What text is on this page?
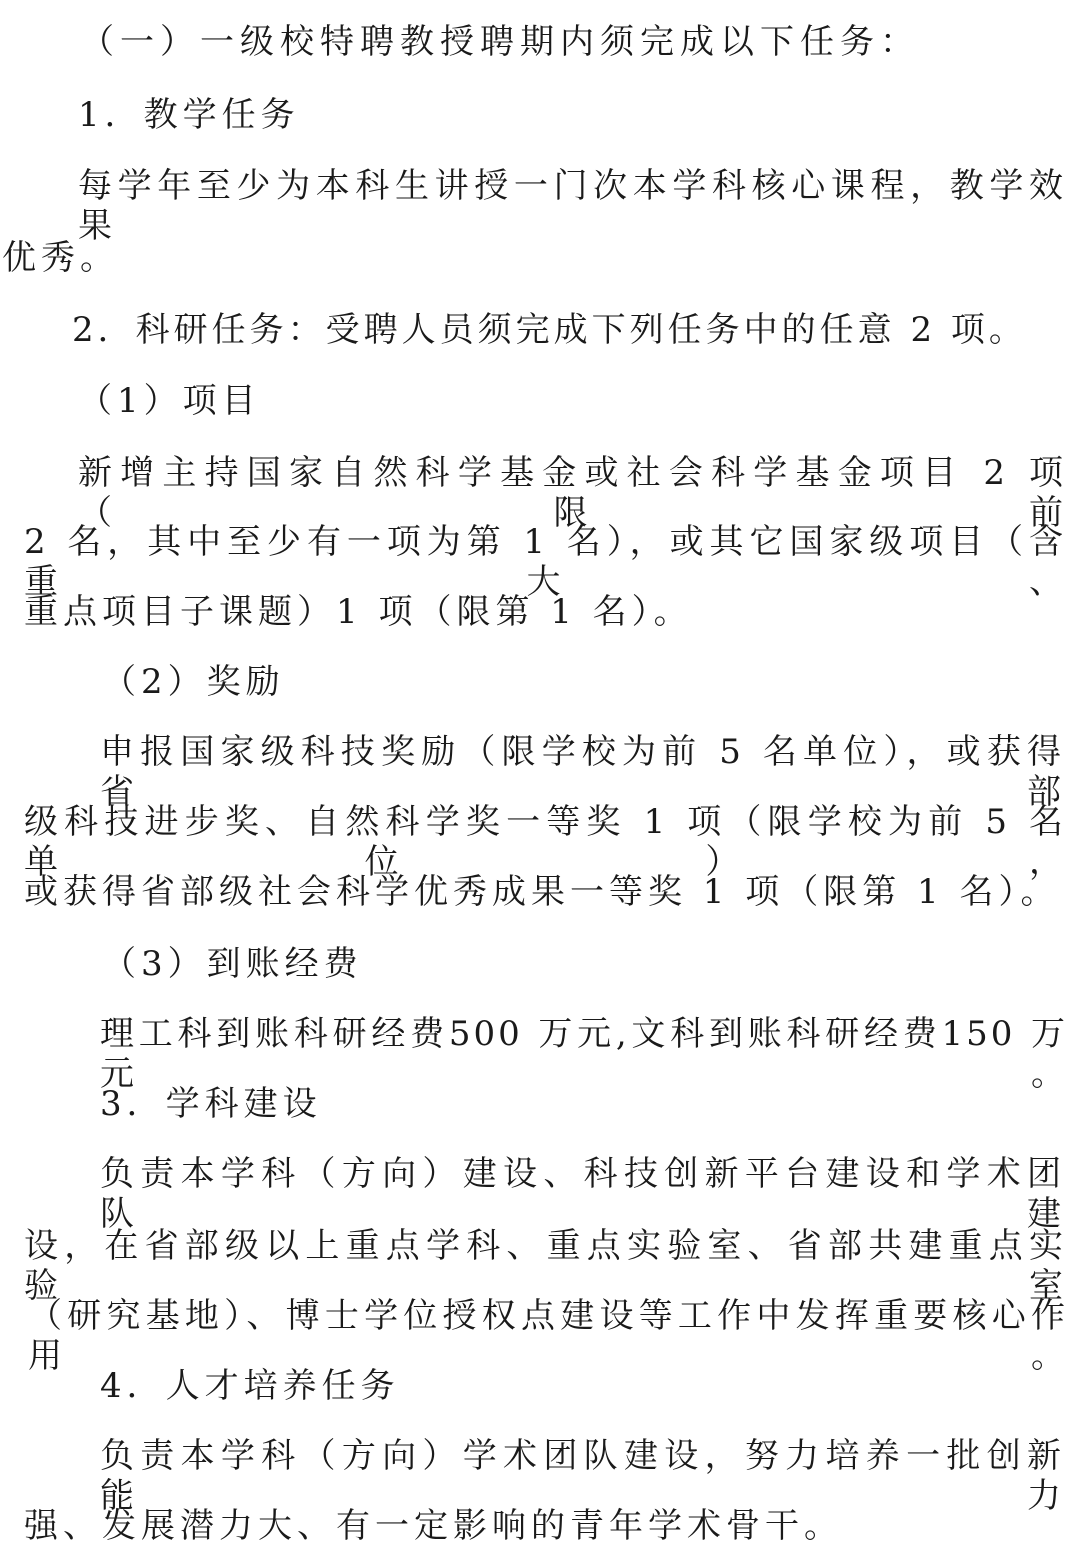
（一）一级校特聘教授聘期内须完成以下任务：

1．教学任务

每学年至少为本科生讲授一门次本学科核心课程，教学效果

优秀。

2．科研任务：受聘人员须完成下列任务中的任意 2 项。

（1）项目

新增主持国家自然科学基金或社会科学基金项目 2 项（限前

2 名，其中至少有一项为第 1 名），或其它国家级项目（含重大、

重点项目子课题）1 项（限第 1 名）。

（2）奖励

申报国家级科技奖励（限学校为前 5 名单位），或获得省部

级科技进步奖、自然科学奖一等奖 1 项（限学校为前 5 名单位），

或获得省部级社会科学优秀成果一等奖 1 项（限第 1 名）。

（3）到账经费

理工科到账科研经费500 万元,文科到账科研经费150 万元。

3．学科建设

负责本学科（方向）建设、科技创新平台建设和学术团队建

设，在省部级以上重点学科、重点实验室、省部共建重点实验室

（研究基地）、博士学位授权点建设等工作中发挥重要核心作用。

4．人才培养任务

负责本学科（方向）学术团队建设，努力培养一批创新能力

强、发展潜力大、有一定影响的青年学术骨干。
